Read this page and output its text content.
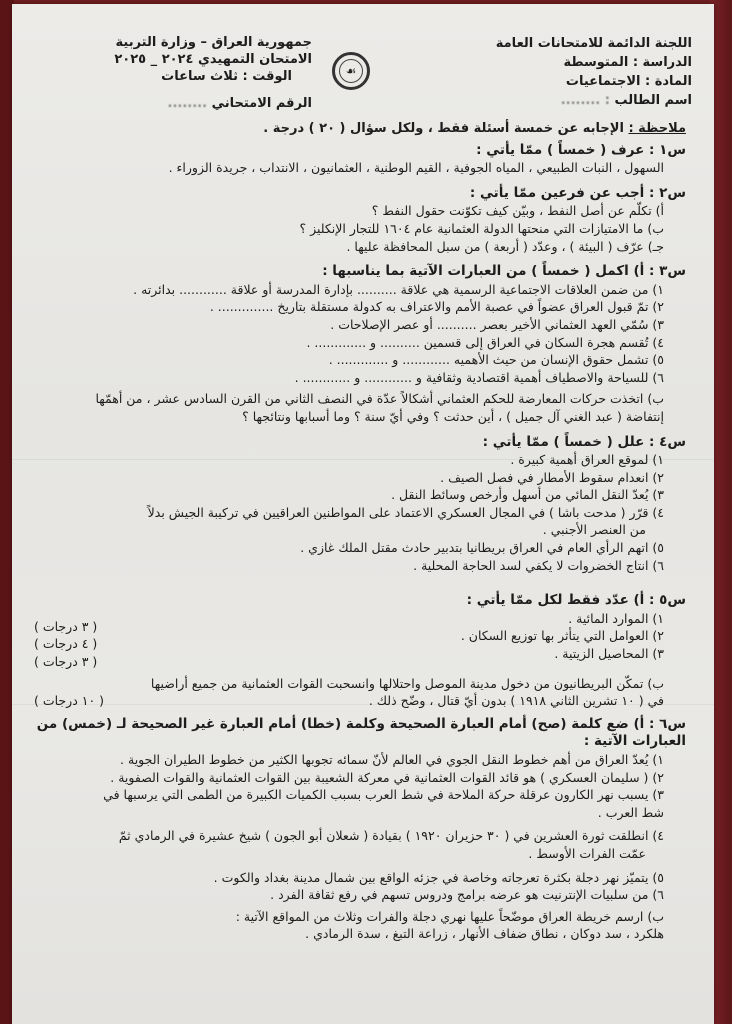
اللجنة الدائمة للامتحانات العامة
الدراسة : المتوسطة
المادة : الاجتماعيات
اسم الطالب : ........
☙
جمهورية العراق – وزارة التربية
الامتحان التمهيدي ٢٠٢٤ _ ٢٠٢٥
الوقت : ثلاث ساعات
الرقم الامتحاني ........
ملاحظة : الإجابه عن خمسة أسئلة فقط ، ولكل سؤال ( ٢٠ ) درجة .
س١ : عرف ( خمساً ) ممّا يأتي :
السهول ، النبات الطبيعي ، المياه الجوفية ، القيم الوطنية ، العثمانيون ، الانتداب ، جريدة الزوراء .
س٢ : أجب عن فرعين ممّا يأتي :
أ) تكلّم عن أصل النفط ، وبيّن كيف تكوّنت حقول النفط ؟
ب) ما الامتيازات التي منحتها الدولة العثمانية عام ١٦٠٤ للتجار الإنكليز ؟
جـ) عرّف ( البيئة ) ، وعدّد ( أربعة ) من سبل المحافظة عليها .
س٣ : أ) اكمل ( خمساً ) من العبارات الآتية بما يناسبها :
١) من ضمن العلاقات الاجتماعية الرسمية هي علاقة .......... بإدارة المدرسة أو علاقة ............ بدائرته .
٢) تمّ قبول العراق عضواً في عصبة الأمم والاعتراف به كدولة مستقلة بتاريخ .............. .
٣) سُمّي العهد العثماني الأخير بعصر .......... أو عصر الإصلاحات .
٤) تُقسم هجرة السكان في العراق إلى قسمين .......... و ............. .
٥) تشمل حقوق الإنسان من حيث الأهميه ............ و ............. .
٦) للسياحة والاصطياف أهمية اقتصادية وثقافية و ............ و ............ .
ب) اتخذت حركات المعارضة للحكم العثماني أشكالاً عدّة في النصف الثاني من القرن السادس عشر ، من أهمّها
إنتفاضة ( عبد الغني آل جميل ) ، أين حدثت ؟ وفي أيّ سنة ؟ وما أسبابها ونتائجها ؟
س٤ : علل ( خمساً ) ممّا يأتي :
١) لموقع العراق أهمية كبيرة .
٢) انعدام سقوط الأمطار في فصل الصيف .
٣) يُعدّ النقل المائي من أسهل وأرخص وسائط النقل .
٤) قرّر ( مدحت باشا ) في المجال العسكري الاعتماد على المواطنين العراقيين في تركيبة الجيش بدلاً
من العنصر الأجنبي .
٥) اتهم الرأي العام في العراق بريطانيا بتدبير حادث مقتل الملك غازي .
٦) انتاج الخضروات لا يكفي لسد الحاجة المحلية .
س٥ : أ) عدّد فقط لكل ممّا يأتي :
١) الموارد المائية .
( ٣ درجات )
٢) العوامل التي يتأثر بها توزيع السكان .
( ٤ درجات )
٣) المحاصيل الزيتية .
( ٣ درجات )
ب) تمكّن البريطانيون من دخول مدينة الموصل واحتلالها وانسحبت القوات العثمانية من جميع أراضيها
في ( ١٠ تشرين الثاني ١٩١٨ ) بدون أيّ قتال ، وضّح ذلك .
( ١٠ درجات )
س٦ : أ) ضع كلمة (صح) أمام العبارة الصحيحة وكلمة (خطا) أمام العبارة غير الصحيحة لـ (خمس) من العبارات الآتية :
١) يُعدّ العراق من أهم خطوط النقل الجوي في العالم لأنّ سمائه تجوبها الكثير من خطوط الطيران الجوية .
٢) ( سليمان العسكري ) هو قائد القوات العثمانية في معركة الشعيبة بين القوات العثمانية والقوات الصفوية .
٣) يسبب نهر الكارون عرقلة حركة الملاحة في شط العرب بسبب الكميات الكبيرة من الطمى التي يرسبها في
شط العرب .
٤) انطلقت ثورة العشرين في ( ٣٠ حزيران ١٩٢٠ ) بقيادة ( شعلان أبو الجون ) شيخ عشيرة في الرمادي ثمّ
عمّت الفرات الأوسط .
٥) يتميّز نهر دجلة بكثرة تعرجاته وخاصة في جزئه الواقع بين شمال مدينة بغداد والكوت .
٦) من سلبيات الإنترنيت هو عرضه برامج ودروس تسهم في رفع ثقافة الفرد .
ب) ارسم خريطة العراق موضّحاً عليها نهري دجلة والفرات وثلاث من المواقع الآتية :
هلكرد ، سد دوكان ، نطاق ضفاف الأنهار ، زراعة التبغ ، سدة الرمادي .
